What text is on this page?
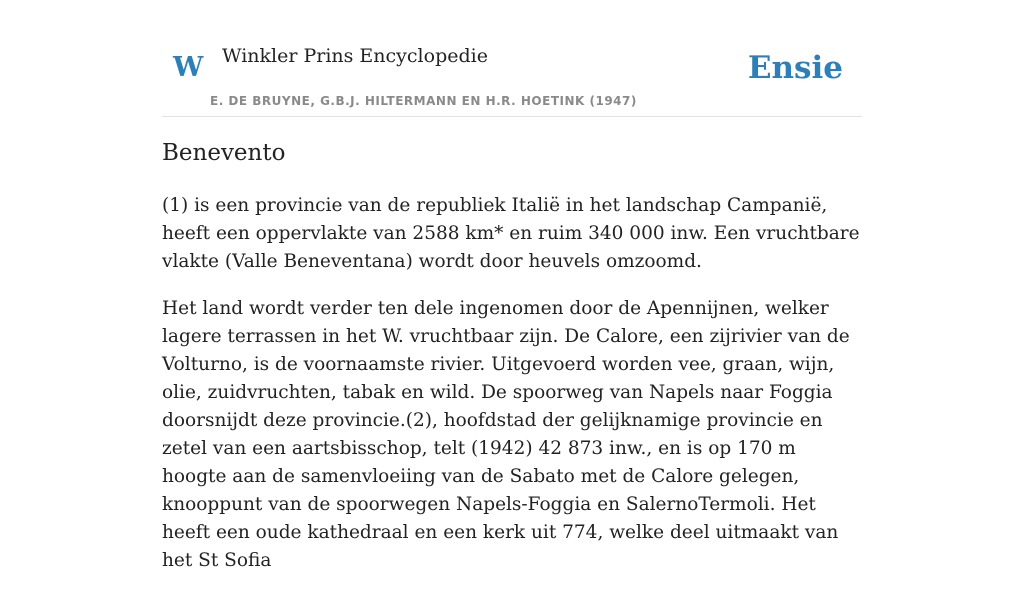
W Winkler Prins Encyclopedie
E. DE BRUYNE, G.B.J. HILTERMANN EN H.R. HOETINK (1947)
Ensie
Benevento

(1) is een provincie van de republiek Italië in het landschap Campanië, heeft een oppervlakte van 2588 km* en ruim 340 000 inw. Een vruchtbare vlakte (Valle Beneventana) wordt door heuvels omzoomd.

Het land wordt verder ten dele ingenomen door de Apennijnen, welker lagere terrassen in het W. vruchtbaar zijn. De Calore, een zijrivier van de Volturno, is de voornaamste rivier. Uitgevoerd worden vee, graan, wijn, olie, zuidvruchten, tabak en wild. De spoorweg van Napels naar Foggia doorsnijdt deze provincie.(2), hoofdstad der gelijknamige provincie en zetel van een aartsbisschop, telt (1942) 42 873 inw., en is op 170 m hoogte aan de samenvloeiing van de Sabato met de Calore gelegen, knooppunt van de spoorwegen Napels-Foggia en SalernoTermoli. Het heeft een oude kathedraal en een kerk uit 774, welke deel uitmaakt van het St Sofia
